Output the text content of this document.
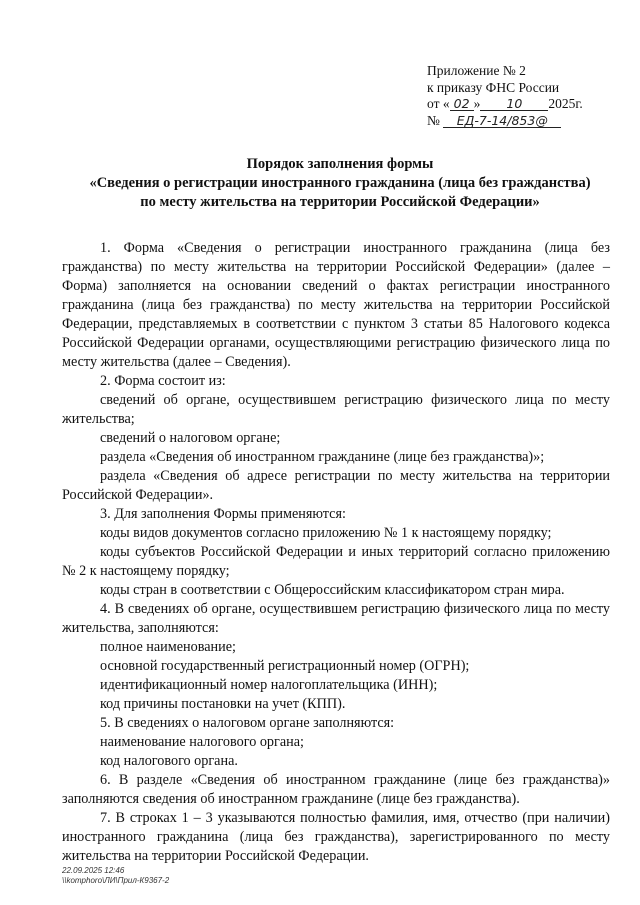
Приложение № 2
к приказу ФНС России
от « 02 » 10 2025г.
№ ЕД-7-14/853@
Порядок заполнения формы
«Сведения о регистрации иностранного гражданина (лица без гражданства)
по месту жительства на территории Российской Федерации»

1. Форма «Сведения о регистрации иностранного гражданина (лица без гражданства) по месту жительства на территории Российской Федерации» (далее – Форма) заполняется на основании сведений о фактах регистрации иностранного гражданина (лица без гражданства) по месту жительства на территории Российской Федерации, представляемых в соответствии с пунктом 3 статьи 85 Налогового кодекса Российской Федерации органами, осуществляющими регистрацию физического лица по месту жительства (далее – Сведения).

2. Форма состоит из:

сведений об органе, осуществившем регистрацию физического лица по месту жительства;

сведений о налоговом органе;

раздела «Сведения об иностранном гражданине (лице без гражданства)»;

раздела «Сведения об адресе регистрации по месту жительства на территории Российской Федерации».

3. Для заполнения Формы применяются:

коды видов документов согласно приложению № 1 к настоящему порядку;

коды субъектов Российской Федерации и иных территорий согласно приложению № 2 к настоящему порядку;

коды стран в соответствии с Общероссийским классификатором стран мира.

4. В сведениях об органе, осуществившем регистрацию физического лица по месту жительства, заполняются:

полное наименование;

основной государственный регистрационный номер (ОГРН);

идентификационный номер налогоплательщика (ИНН);

код причины постановки на учет (КПП).

5. В сведениях о налоговом органе заполняются:

наименование налогового органа;

код налогового органа.

6. В разделе «Сведения об иностранном гражданине (лице без гражданства)» заполняются сведения об иностранном гражданине (лице без гражданства).

7. В строках 1 – 3 указываются полностью фамилия, имя, отчество (при наличии) иностранного гражданина (лица без гражданства), зарегистрированного по месту жительства на территории Российской Федерации.

22.09.2025 12:46
\\komphoro\ЛИ\Прил-К9367-2
